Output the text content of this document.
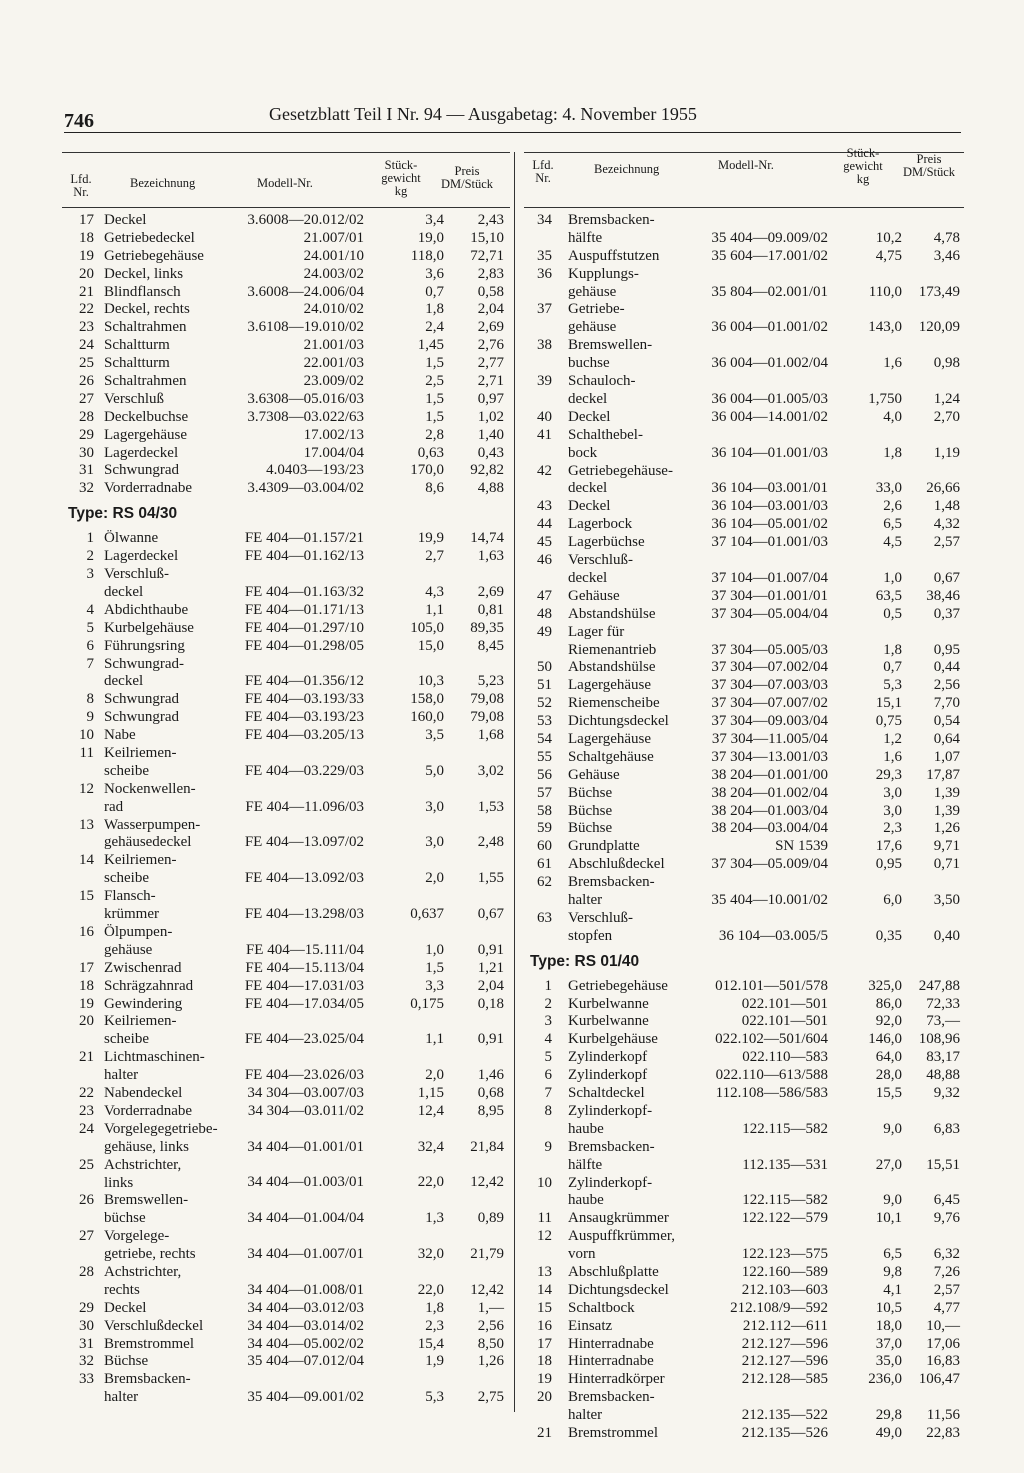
746	Gesetzblatt Teil I Nr. 94 — Ausgabetag: 4. November 1955
Lfd. Nr.
Bezeichnung	Modell-Nr.
Stück- gewicht kg
Preis DM/Stück
17 Deckel	3.6008—20.012/02	3,4	2,43
18 Getriebedeckel	21.007/01	19,0	15,10
19 Getriebegehäuse	24.001/10	118,0	72,71
20 Deckel, links	24.003/02	3,6	2,83
21 Blindflansch	3.6008—24.006/04	0,7	0,58
22 Deckel, rechts	24.010/02	1,8	2,04
23 Schaltrahmen	3.6108—19.010/02	2,4	2,69
24 Schaltturm	21.001/03	1,45	2,76
25 Schaltturm	22.001/03	1,5	2,77
26 Schaltrahmen	23.009/02	2,5	2,71
27 Verschluß	3.6308—05.016/03	1,5	0,97
28 Deckelbuchse	3.7308—03.022/63	1,5	1,02
29 Lagergehäuse	17.002/13	2,8	1,40
30 Lagerdeckel	17.004/04	0,63	0,43
31 Schwungrad	4.0403—193/23	170,0	92,82
32 Vorderradnabe	3.4309—03.004/02	8,6	4,88
Type: RS 04/30
1 Ölwanne	FE 404—01.157/21	19,9	14,74
2 Lagerdeckel	FE 404—01.162/13	2,7	1,63
3 Verschluß-
deckel	FE 404—01.163/32	4,3	2,69
4 Abdichthaube	FE 404—01.171/13	1,1	0,81
5 Kurbelgehäuse	FE 404—01.297/10	105,0	89,35
6 Führungsring	FE 404—01.298/05	15,0	8,45
7 Schwungrad-
deckel	FE 404—01.356/12	10,3	5,23
8 Schwungrad	FE 404—03.193/33	158,0	79,08
9 Schwungrad	FE 404—03.193/23	160,0	79,08
10 Nabe	FE 404—03.205/13	3,5	1,68
11 Keilriemen-
scheibe	FE 404—03.229/03	5,0	3,02
12 Nockenwellen-
rad	FE 404—11.096/03	3,0	1,53
13 Wasserpumpen-
gehäusedeckel	FE 404—13.097/02	3,0	2,48
14 Keilriemen-
scheibe	FE 404—13.092/03	2,0	1,55
15 Flansch-
krümmer	FE 404—13.298/03	0,637	0,67
16 Ölpumpen-
gehäuse	FE 404—15.111/04	1,0	0,91
17 Zwischenrad	FE 404—15.113/04	1,5	1,21
18 Schrägzahnrad	FE 404—17.031/03	3,3	2,04
19 Gewindering	FE 404—17.034/05	0,175	0,18
20 Keilriemen-
scheibe	FE 404—23.025/04	1,1	0,91
21 Lichtmaschinen-
halter	FE 404—23.026/03	2,0	1,46
22 Nabendeckel	34 304—03.007/03	1,15	0,68
23 Vorderradnabe	34 304—03.011/02	12,4	8,95
24 Vorgelegegetriebe-
gehäuse, links	34 404—01.001/01	32,4	21,84
25 Achstrichter,
links	34 404—01.003/01	22,0	12,42
26 Bremswellen-
büchse	34 404—01.004/04	1,3	0,89
27 Vorgelege-
getriebe, rechts	34 404—01.007/01	32,0	21,79
28 Achstrichter,
rechts	34 404—01.008/01	22,0	12,42
29 Deckel	34 404—03.012/03	1,8	1,—
30 Verschlußdeckel	34 404—03.014/02	2,3	2,56
31 Bremstrommel	34 404—05.002/02	15,4	8,50
32 Büchse	35 404—07.012/04	1,9	1,26
33 Bremsbacken-
halter	35 404—09.001/02	5,3	2,75
Lfd. Nr.
Bezeichnung	Modell-Nr.
Stück- gewicht kg
Preis DM/Stück
34 Bremsbacken-
hälfte	35 404—09.009/02	10,2	4,78
35 Auspuffstutzen	35 604—17.001/02	4,75	3,46
36 Kupplungs-
gehäuse	35 804—02.001/01	110,0	173,49
37 Getriebe-
gehäuse	36 004—01.001/02	143,0	120,09
38 Bremswellen-
buchse	36 004—01.002/04	1,6	0,98
39 Schauloch-
deckel	36 004—01.005/03	1,750	1,24
40 Deckel	36 004—14.001/02	4,0	2,70
41 Schalthebel-
bock	36 104—01.001/03	1,8	1,19
42 Getriebegehäuse-
deckel	36 104—03.001/01	33,0	26,66
43 Deckel	36 104—03.001/03	2,6	1,48
44 Lagerbock	36 104—05.001/02	6,5	4,32
45 Lagerbüchse	37 104—01.001/03	4,5	2,57
46 Verschluß-
deckel	37 104—01.007/04	1,0	0,67
47 Gehäuse	37 304—01.001/01	63,5	38,46
48 Abstandshülse	37 304—05.004/04	0,5	0,37
49 Lager für
Riemenantrieb	37 304—05.005/03	1,8	0,95
50 Abstandshülse	37 304—07.002/04	0,7	0,44
51 Lagergehäuse	37 304—07.003/03	5,3	2,56
52 Riemenscheibe	37 304—07.007/02	15,1	7,70
53 Dichtungsdeckel	37 304—09.003/04	0,75	0,54
54 Lagergehäuse	37 304—11.005/04	1,2	0,64
55 Schaltgehäuse	37 304—13.001/03	1,6	1,07
56 Gehäuse	38 204—01.001/00	29,3	17,87
57 Büchse	38 204—01.002/04	3,0	1,39
58 Büchse	38 204—01.003/04	3,0	1,39
59 Büchse	38 204—03.004/04	2,3	1,26
60 Grundplatte	SN 1539	17,6	9,71
61 Abschlußdeckel	37 304—05.009/04	0,95	0,71
62 Bremsbacken-
halter	35 404—10.001/02	6,0	3,50
63 Verschluß-
stopfen	36 104—03.005/5	0,35	0,40
Type: RS 01/40
1 Getriebegehäuse	012.101—501/578	325,0	247,88
2 Kurbelwanne	022.101—501	86,0	72,33
3 Kurbelwanne	022.101—501	92,0	73,—
4 Kurbelgehäuse	022.102—501/604	146,0	108,96
5 Zylinderkopf	022.110—583	64,0	83,17
6 Zylinderkopf	022.110—613/588	28,0	48,88
7 Schaltdeckel	112.108—586/583	15,5	9,32
8 Zylinderkopf-
haube	122.115—582	9,0	6,83
9 Bremsbacken-
hälfte	112.135—531	27,0	15,51
10 Zylinderkopf-
haube	122.115—582	9,0	6,45
11 Ansaugkrümmer	122.122—579	10,1	9,76
12 Auspuffkrümmer,
vorn	122.123—575	6,5	6,32
13 Abschlußplatte	122.160—589	9,8	7,26
14 Dichtungsdeckel	212.103—603	4,1	2,57
15 Schaltbock	212.108/9—592	10,5	4,77
16 Einsatz	212.112—611	18,0	10,—
17 Hinterradnabe	212.127—596	37,0	17,06
18 Hinterradnabe	212.127—596	35,0	16,83
19 Hinterradkörper	212.128—585	236,0	106,47
20 Bremsbacken-
halter	212.135—522	29,8	11,56
21 Bremstrommel	212.135—526	49,0	22,83
